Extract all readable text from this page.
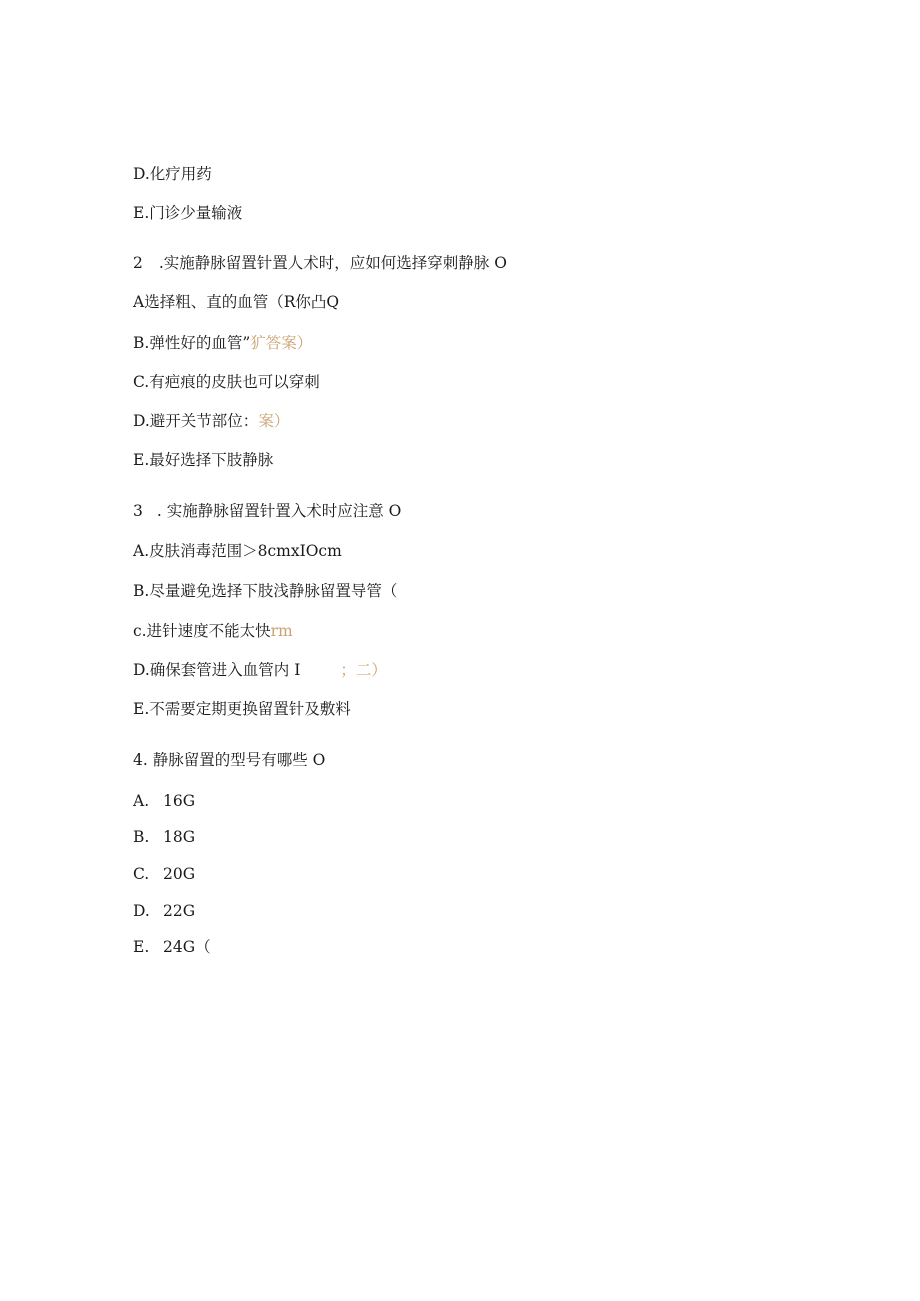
D.化疗用药
E.门诊少量输液
2 .实施静脉留置针置人术时，应如何选择穿刺静脉 O
A选择粗、直的血管（R你凸Q
B.弹性好的血管”犷答案）
C.有疤痕的皮肤也可以穿刺
D.避开关节部位：案）
E.最好选择下肢静脉
3 . 实施静脉留置针置入术时应注意 O
A.皮肤消毒范围＞8cmxIOcm
B.尽量避免选择下肢浅静脉留置导管（
c.进针速度不能太快rm
D.确保套管进入血管内 I	；二）
E.不需要定期更换留置针及敷料
4. 静脉留置的型号有哪些 O
A. 16G
B. 18G
C. 20G
D. 22G
E. 24G（
